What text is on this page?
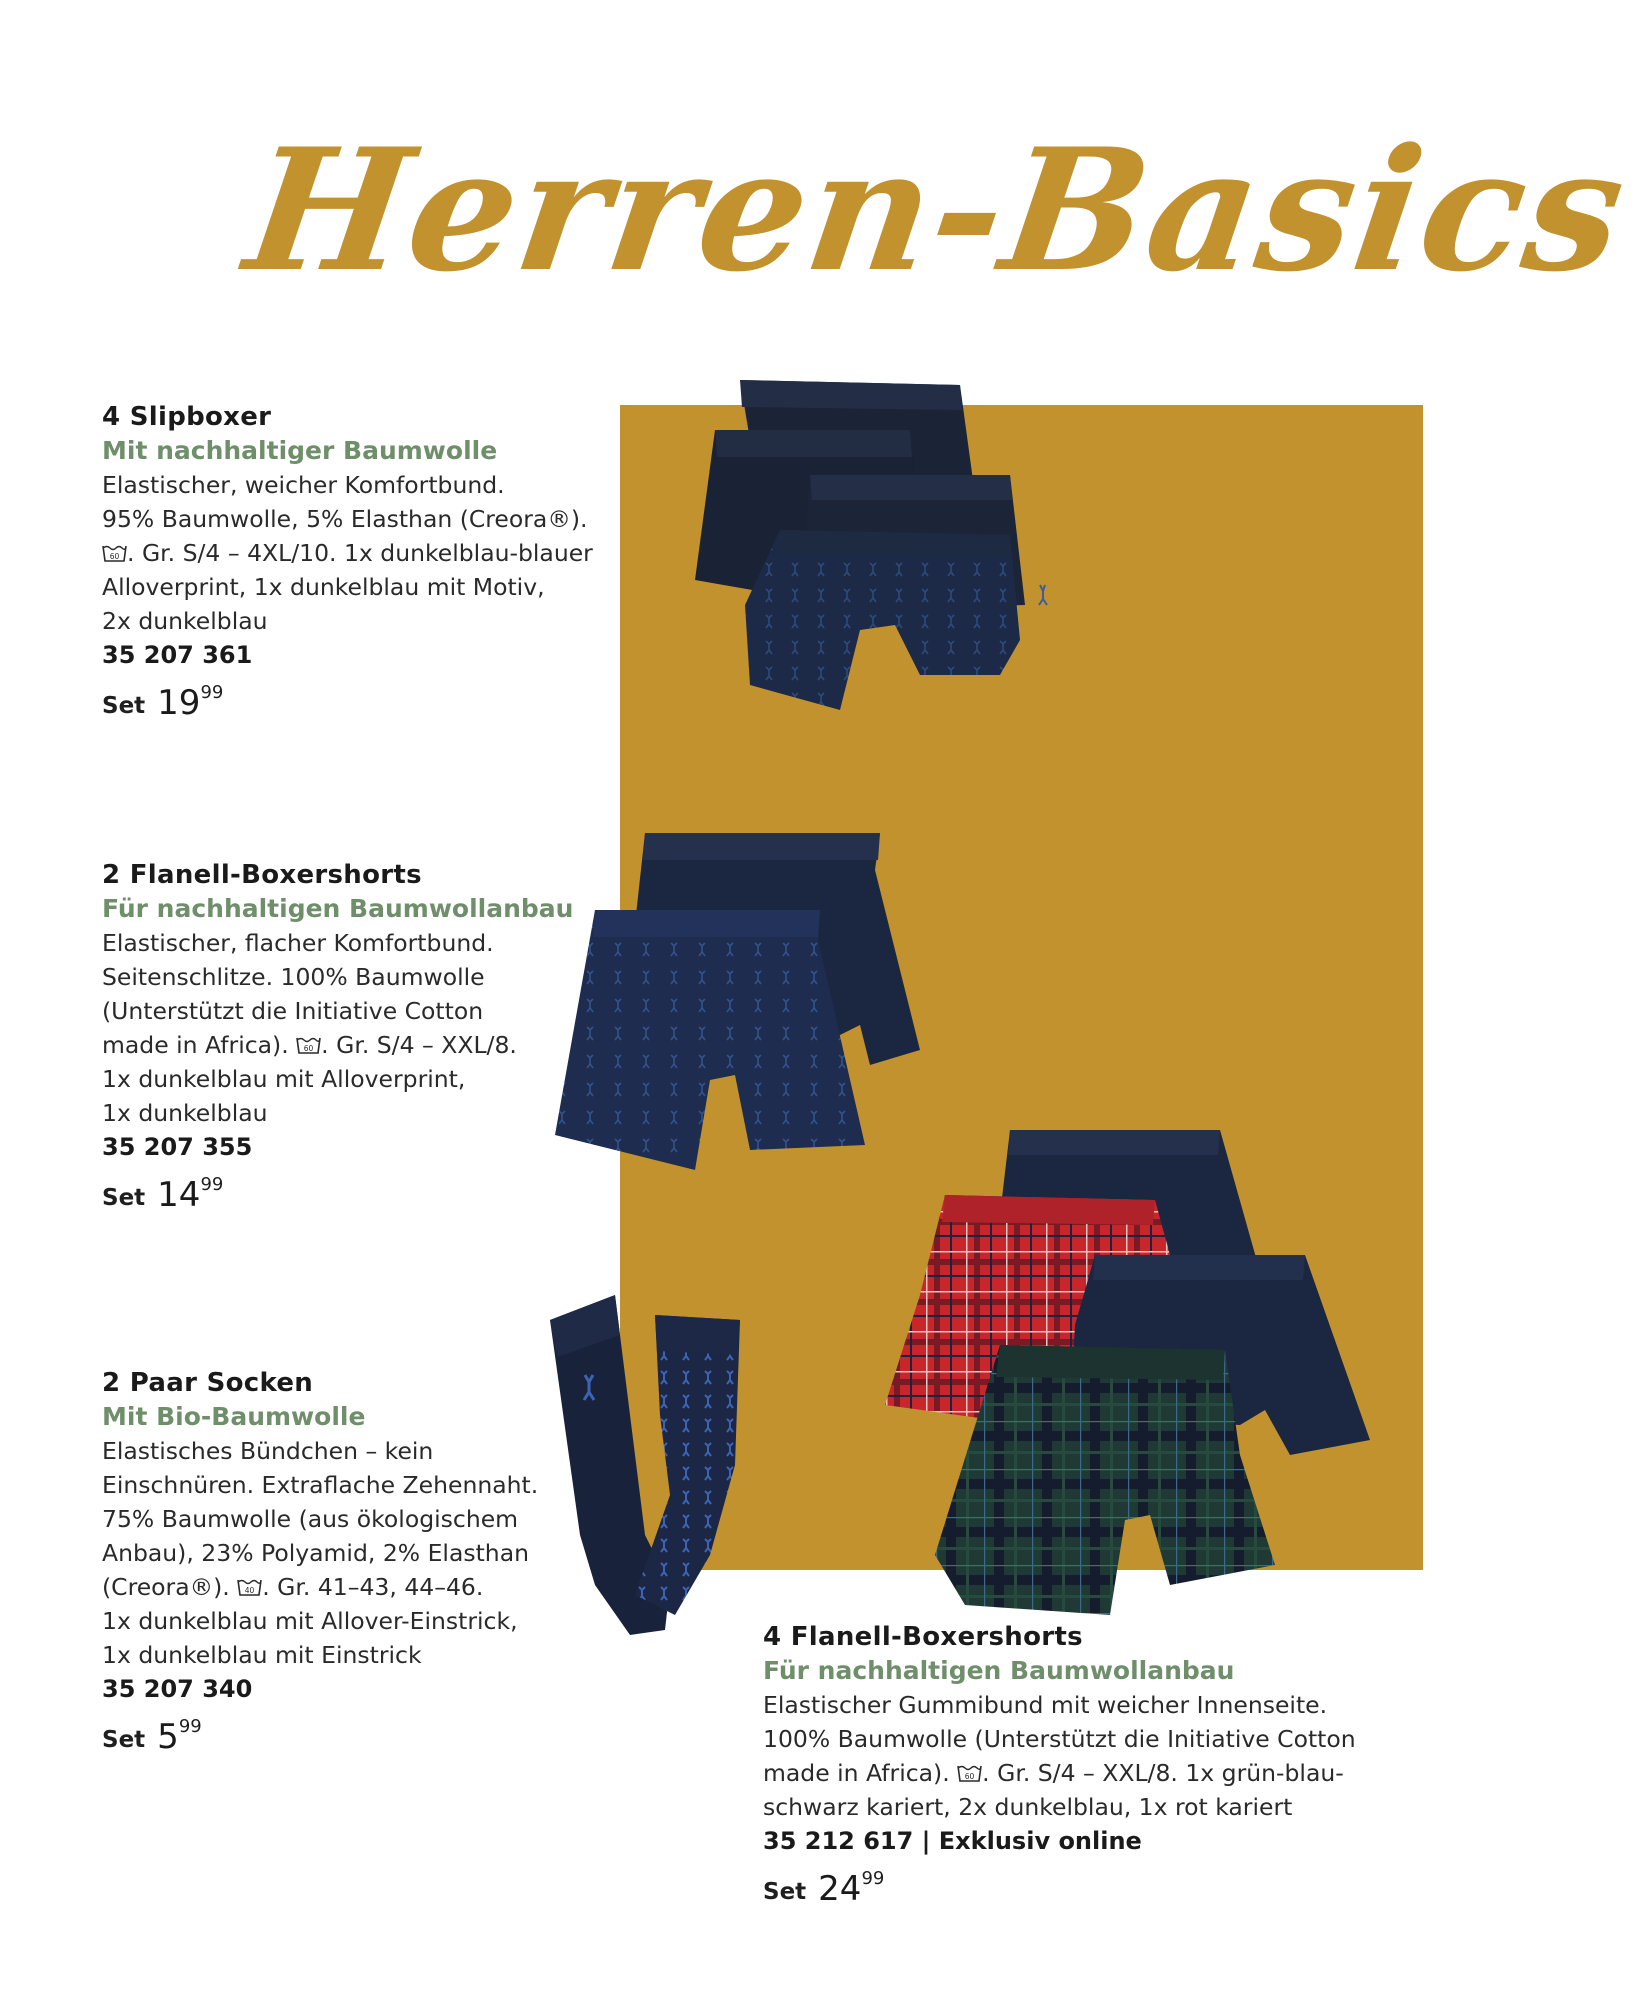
Herren-Basics
4 Slipboxer
Mit nachhaltiger Baumwolle
Elastischer, weicher Komfortbund.
95% Baumwolle, 5% Elasthan (Creora®).
60 . Gr. S/4 – 4XL/10. 1x dunkelblau-blauer
Alloverprint, 1x dunkelblau mit Motiv,
2x dunkelblau
35 207 361
Set 19 99
2 Flanell-Boxershorts
Für nachhaltigen Baumwollanbau
Elastischer, flacher Komfortbund.
Seitenschlitze. 100% Baumwolle
(Unterstützt die Initiative Cotton
made in Africa). 60 . Gr. S/4 – XXL/8.
1x dunkelblau mit Alloverprint,
1x dunkelblau
35 207 355
Set 14 99
2 Paar Socken
Mit Bio-Baumwolle
Elastisches Bündchen – kein
Einschnüren. Extraflache Zehennaht.
75% Baumwolle (aus ökologischem
Anbau), 23% Polyamid, 2% Elasthan
(Creora®). 40 . Gr. 41–43, 44–46.
1x dunkelblau mit Allover-Einstrick,
1x dunkelblau mit Einstrick
35 207 340
Set 5 99
4 Flanell-Boxershorts
Für nachhaltigen Baumwollanbau
Elastischer Gummibund mit weicher Innenseite.
100% Baumwolle (Unterstützt die Initiative Cotton
made in Africa). 60 . Gr. S/4 – XXL/8. 1x grün-blau-
schwarz kariert, 2x dunkelblau, 1x rot kariert
35 212 617 | Exklusiv online
Set 24 99
